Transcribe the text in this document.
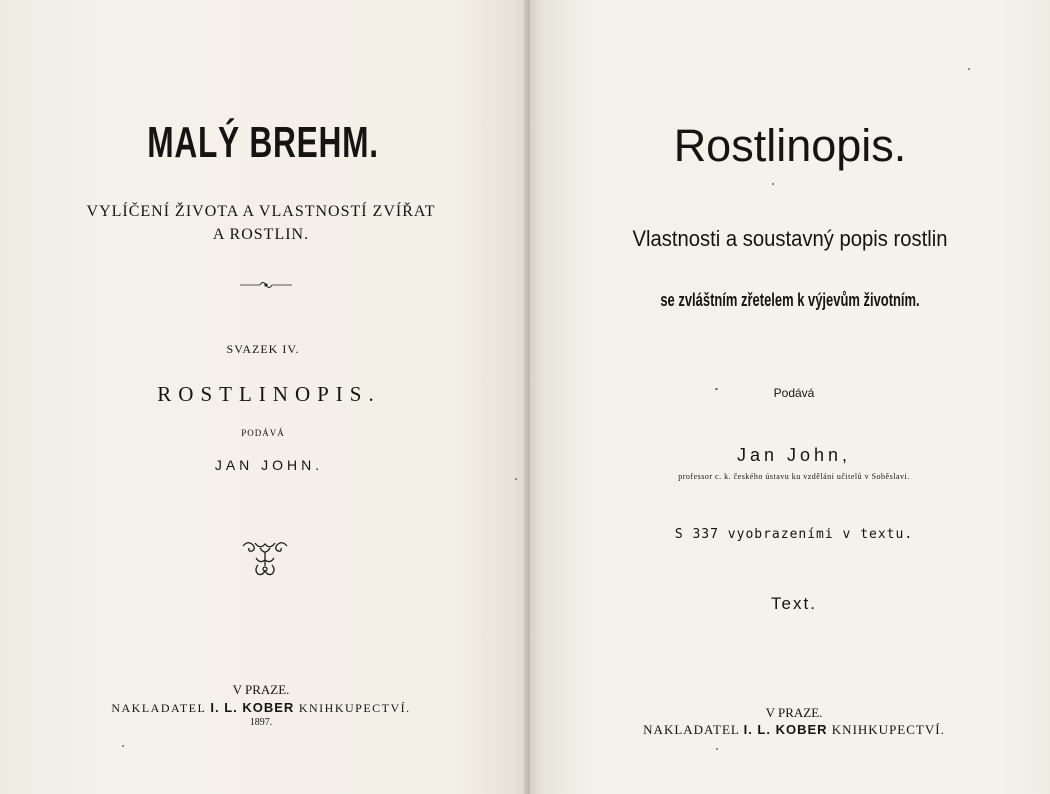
MALÝ BREHM.
VYLÍČENÍ ŽIVOTA A VLASTNOSTÍ ZVÍŘAT
A ROSTLIN.
SVAZEK IV.
ROSTLINOPIS.
PODÁVÁ
JAN JOHN.
V PRAZE.
NAKLADATEL I. L. KOBER KNIHKUPECTVÍ.
1897.
Rostlinopis.
Vlastnosti a soustavný popis rostlin
se zvláštním zřetelem k výjevům životním.
Podává
Jan John,
professor c. k. českého ústavu ku vzdělání učitelů v Soběslavi.
S 337 vyobrazeními v textu.
Text.
V PRAZE.
NAKLADATEL I. L. KOBER KNIHKUPECTVÍ.
